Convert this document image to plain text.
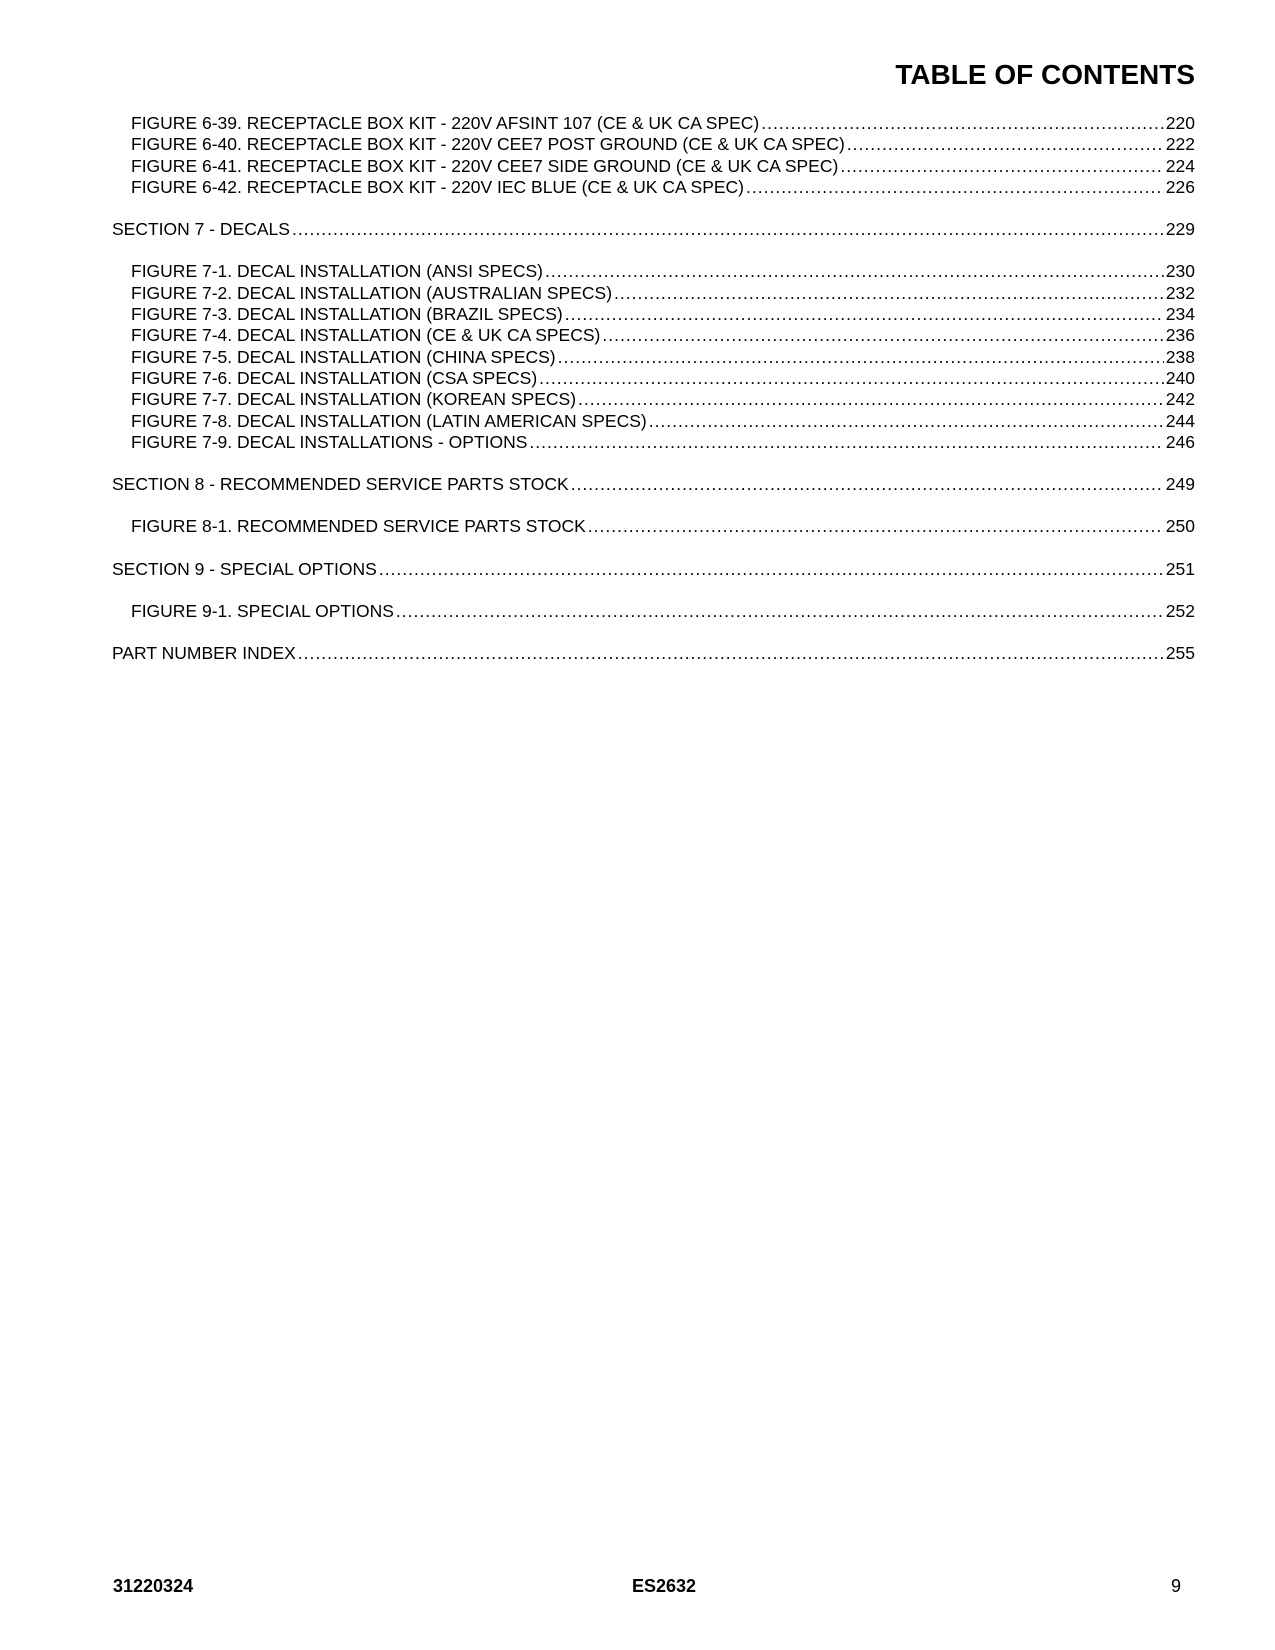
TABLE OF CONTENTS
FIGURE 6-39. RECEPTACLE BOX KIT - 220V AFSINT 107 (CE & UK CA SPEC) .....	220
FIGURE 6-40. RECEPTACLE BOX KIT - 220V CEE7 POST GROUND (CE & UK CA SPEC) .....	222
FIGURE 6-41. RECEPTACLE BOX KIT - 220V CEE7 SIDE GROUND (CE & UK CA SPEC) .....	224
FIGURE 6-42. RECEPTACLE BOX KIT - 220V IEC BLUE (CE & UK CA SPEC) .....	226
SECTION 7 - DECALS .....	229
FIGURE 7-1. DECAL INSTALLATION (ANSI SPECS) .....	230
FIGURE 7-2. DECAL INSTALLATION (AUSTRALIAN SPECS) .....	232
FIGURE 7-3. DECAL INSTALLATION (BRAZIL SPECS) .....	234
FIGURE 7-4. DECAL INSTALLATION (CE & UK CA SPECS) .....	236
FIGURE 7-5. DECAL INSTALLATION (CHINA SPECS) .....	238
FIGURE 7-6. DECAL INSTALLATION (CSA SPECS) .....	240
FIGURE 7-7. DECAL INSTALLATION (KOREAN SPECS) .....	242
FIGURE 7-8. DECAL INSTALLATION (LATIN AMERICAN SPECS) .....	244
FIGURE 7-9. DECAL INSTALLATIONS - OPTIONS .....	246
SECTION 8 - RECOMMENDED SERVICE PARTS STOCK .....	249
FIGURE 8-1. RECOMMENDED SERVICE PARTS STOCK .....	250
SECTION 9 - SPECIAL OPTIONS .....	251
FIGURE 9-1. SPECIAL OPTIONS .....	252
PART NUMBER INDEX .....	255
31220324	ES2632	9
